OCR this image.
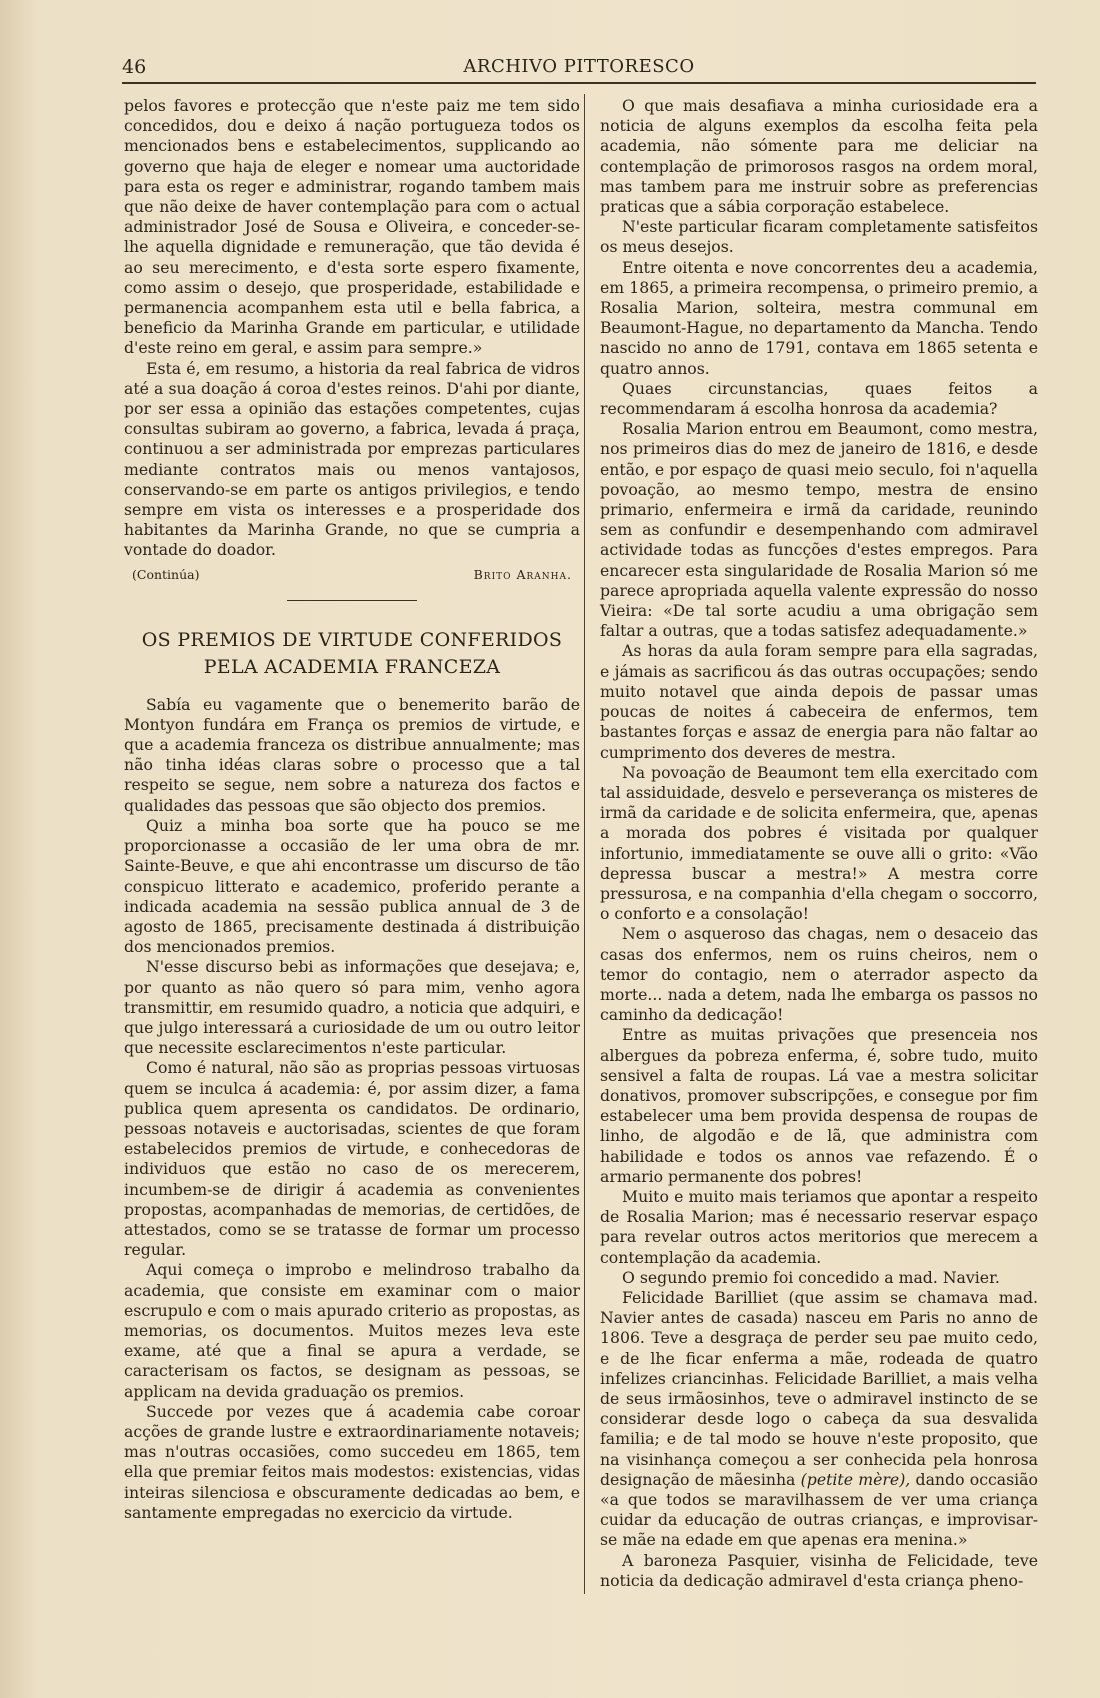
46	ARCHIVO PITTORESCO

pelos favores e protecção que n'este paiz me tem sido concedidos, dou e deixo á nação portugueza todos os mencionados bens e estabelecimentos, supplicando ao governo que haja de eleger e nomear uma auctoridade para esta os reger e administrar, rogando tambem mais que não deixe de haver contemplação para com o actual administrador José de Sousa e Oliveira, e conceder-se-lhe aquella dignidade e remuneração, que tão devida é ao seu merecimento, e d'esta sorte espero fixamente, como assim o desejo, que prosperidade, estabilidade e permanencia acompanhem esta util e bella fabrica, a beneficio da Marinha Grande em particular, e utilidade d'este reino em geral, e assim para sempre.»

Esta é, em resumo, a historia da real fabrica de vidros até a sua doação á coroa d'estes reinos. D'ahi por diante, por ser essa a opinião das estações competentes, cujas consultas subiram ao governo, a fabrica, levada á praça, continuou a ser administrada por emprezas particulares mediante contratos mais ou menos vantajosos, conservando-se em parte os antigos privilegios, e tendo sempre em vista os interesses e a prosperidade dos habitantes da Marinha Grande, no que se cumpria a vontade do doador.

(Continúa)	Brito Aranha.
OS PREMIOS DE VIRTUDE CONFERIDOS
PELA ACADEMIA FRANCEZA

Sabía eu vagamente que o benemerito barão de Montyon fundára em França os premios de virtude, e que a academia franceza os distribue annualmente; mas não tinha idéas claras sobre o processo que a tal respeito se segue, nem sobre a natureza dos factos e qualidades das pessoas que são objecto dos premios.

Quiz a minha boa sorte que ha pouco se me proporcionasse a occasião de ler uma obra de mr. Sainte-Beuve, e que ahi encontrasse um discurso de tão conspicuo litterato e academico, proferido perante a indicada academia na sessão publica annual de 3 de agosto de 1865, precisamente destinada á distribuição dos mencionados premios.

N'esse discurso bebi as informações que desejava; e, por quanto as não quero só para mim, venho agora transmittir, em resumido quadro, a noticia que adquiri, e que julgo interessará a curiosidade de um ou outro leitor que necessite esclarecimentos n'este particular.

Como é natural, não são as proprias pessoas virtuosas quem se inculca á academia: é, por assim dizer, a fama publica quem apresenta os candidatos. De ordinario, pessoas notaveis e auctorisadas, scientes de que foram estabelecidos premios de virtude, e conhecedoras de individuos que estão no caso de os merecerem, incumbem-se de dirigir á academia as convenientes propostas, acompanhadas de memorias, de certidões, de attestados, como se se tratasse de formar um processo regular.

Aqui começa o improbo e melindroso trabalho da academia, que consiste em examinar com o maior escrupulo e com o mais apurado criterio as propostas, as memorias, os documentos. Muitos mezes leva este exame, até que a final se apura a verdade, se caracterisam os factos, se designam as pessoas, se applicam na devida graduação os premios.

Succede por vezes que á academia cabe coroar acções de grande lustre e extraordinariamente notaveis; mas n'outras occasiões, como succedeu em 1865, tem ella que premiar feitos mais modestos: existencias, vidas inteiras silenciosa e obscuramente dedicadas ao bem, e santamente empregadas no exercicio da virtude.

O que mais desafiava a minha curiosidade era a noticia de alguns exemplos da escolha feita pela academia, não sómente para me deliciar na contemplação de primorosos rasgos na ordem moral, mas tambem para me instruir sobre as preferencias praticas que a sábia corporação estabelece.

N'este particular ficaram completamente satisfeitos os meus desejos.

Entre oitenta e nove concorrentes deu a academia, em 1865, a primeira recompensa, o primeiro premio, a Rosalia Marion, solteira, mestra communal em Beaumont-Hague, no departamento da Mancha. Tendo nascido no anno de 1791, contava em 1865 setenta e quatro annos.

Quaes circunstancias, quaes feitos a recommendaram á escolha honrosa da academia?

Rosalia Marion entrou em Beaumont, como mestra, nos primeiros dias do mez de janeiro de 1816, e desde então, e por espaço de quasi meio seculo, foi n'aquella povoação, ao mesmo tempo, mestra de ensino primario, enfermeira e irmã da caridade, reunindo sem as confundir e desempenhando com admiravel actividade todas as funcções d'estes empregos. Para encarecer esta singularidade de Rosalia Marion só me parece apropriada aquella valente expressão do nosso Vieira: «De tal sorte acudiu a uma obrigação sem faltar a outras, que a todas satisfez adequadamente.»

As horas da aula foram sempre para ella sagradas, e jámais as sacrificou ás das outras occupações; sendo muito notavel que ainda depois de passar umas poucas de noites á cabeceira de enfermos, tem bastantes forças e assaz de energia para não faltar ao cumprimento dos deveres de mestra.

Na povoação de Beaumont tem ella exercitado com tal assiduidade, desvelo e perseverança os misteres de irmã da caridade e de solicita enfermeira, que, apenas a morada dos pobres é visitada por qualquer infortunio, immediatamente se ouve alli o grito: «Vão depressa buscar a mestra!» A mestra corre pressurosa, e na companhia d'ella chegam o soccorro, o conforto e a consolação!

Nem o asqueroso das chagas, nem o desaceio das casas dos enfermos, nem os ruins cheiros, nem o temor do contagio, nem o aterrador aspecto da morte... nada a detem, nada lhe embarga os passos no caminho da dedicação!

Entre as muitas privações que presenceia nos albergues da pobreza enferma, é, sobre tudo, muito sensivel a falta de roupas. Lá vae a mestra solicitar donativos, promover subscripções, e consegue por fim estabelecer uma bem provida despensa de roupas de linho, de algodão e de lã, que administra com habilidade e todos os annos vae refazendo. É o armario permanente dos pobres!

Muito e muito mais teriamos que apontar a respeito de Rosalia Marion; mas é necessario reservar espaço para revelar outros actos meritorios que merecem a contemplação da academia.

O segundo premio foi concedido a mad. Navier.

Felicidade Barilliet (que assim se chamava mad. Navier antes de casada) nasceu em Paris no anno de 1806. Teve a desgraça de perder seu pae muito cedo, e de lhe ficar enferma a mãe, rodeada de quatro infelizes criancinhas. Felicidade Barilliet, a mais velha de seus irmãosinhos, teve o admiravel instincto de se considerar desde logo o cabeça da sua desvalida familia; e de tal modo se houve n'este proposito, que na visinhança começou a ser conhecida pela honrosa designação de mãesinha (petite mère), dando occasião «a que todos se maravilhassem de ver uma criança cuidar da educação de outras crianças, e improvisar-se mãe na edade em que apenas era menina.»

A baroneza Pasquier, visinha de Felicidade, teve noticia da dedicação admiravel d'esta criança pheno-
